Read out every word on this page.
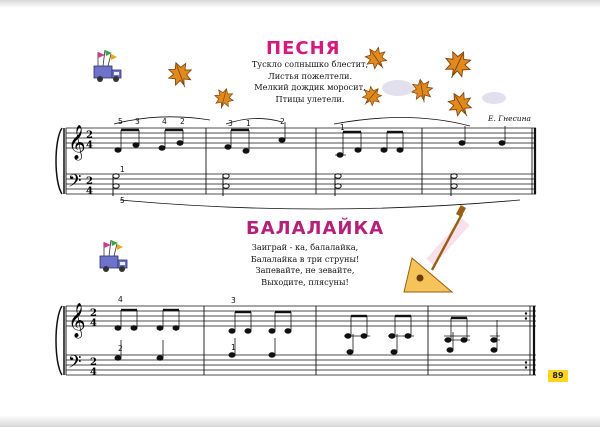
𝄞
𝄢
2
4
2
4
5 3	4 2	3 1	2
1
1
5
𝄞
𝄢
2
4
2
4
4	3
2	1
ПЕСНЯ
Тускло солнышко блестит,
Листья пожелтели.
Мелкий дождик моросит,
Птицы улетели.
Е. Гнесина
БАЛАЛАЙКА
Заиграй - ка, балалайка,
Балалайка в три струны!
Запевайте, не зевайте,
Выходите, плясуны!
89
